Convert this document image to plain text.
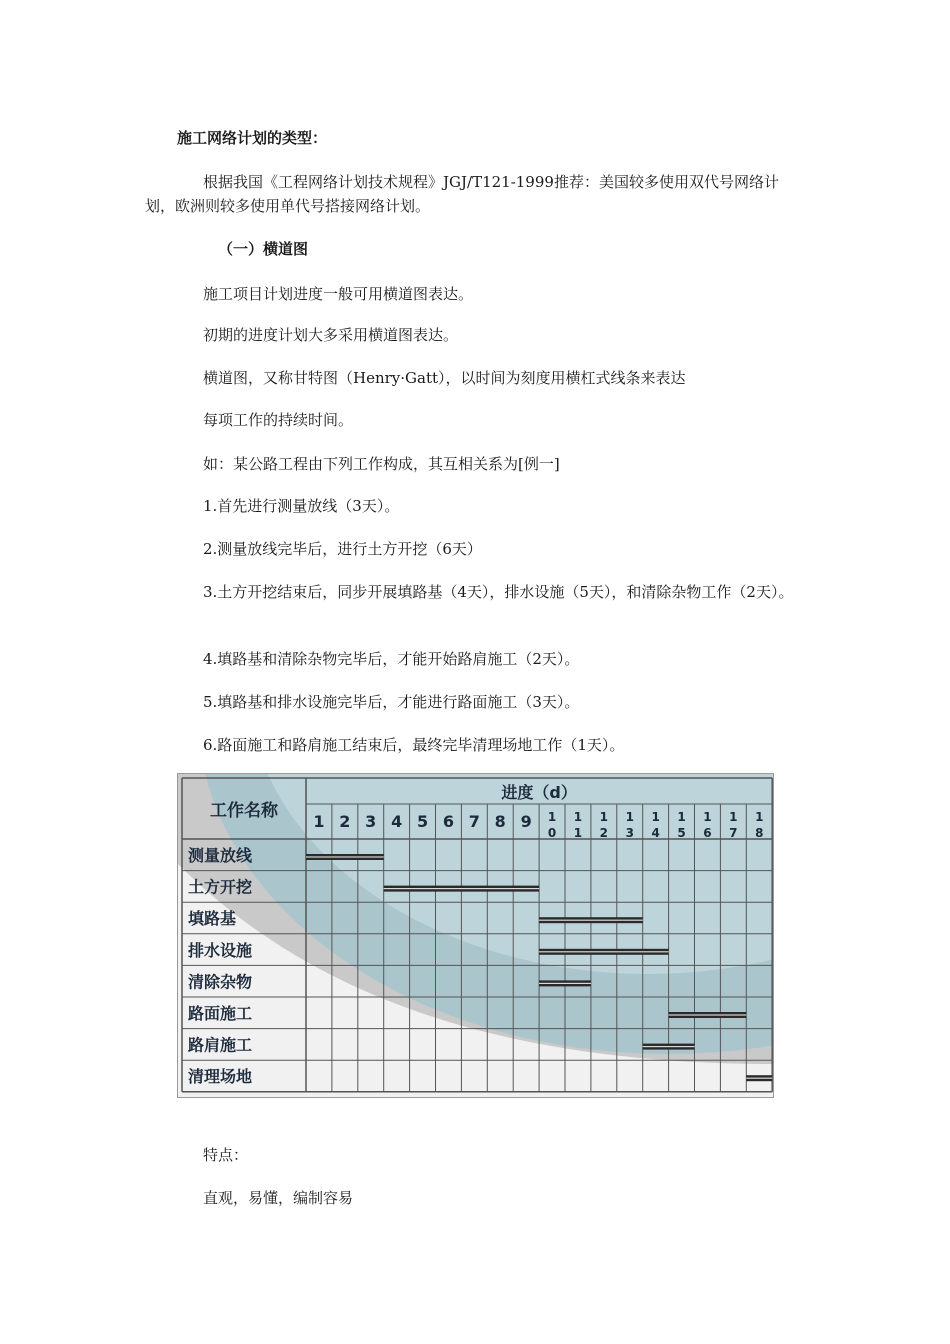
施工网络计划的类型：
根据我国《工程网络计划技术规程》JGJ/T121-1999推荐：美国较多使用双代号网络计划，欧洲则较多使用单代号搭接网络计划。
（一）横道图
施工项目计划进度一般可用横道图表达。
初期的进度计划大多采用横道图表达。
横道图，又称甘特图（Henry·Gatt），以时间为刻度用横杠式线条来表达
每项工作的持续时间。
如：某公路工程由下列工作构成，其互相关系为[例一]
1.首先进行测量放线（3天）。
2.测量放线完毕后，进行土方开挖（6天）
3.土方开挖结束后，同步开展填路基（4天），排水设施（5天），和清除杂物工作（2天）。
4.填路基和清除杂物完毕后，才能开始路肩施工（2天）。
5.填路基和排水设施完毕后，才能进行路面施工（3天）。
6.路面施工和路肩施工结束后，最终完毕清理场地工作（1天）。
工作名称
进度（d）
1 2 3 4 5 6 7 8 9 1
0
1
1
1
2
1
3
1
4
1
5
1
6
1
7
1
8
测量放线
土方开挖
填路基
排水设施
清除杂物
路面施工
路肩施工
清理场地
特点：
直观，易懂，编制容易
